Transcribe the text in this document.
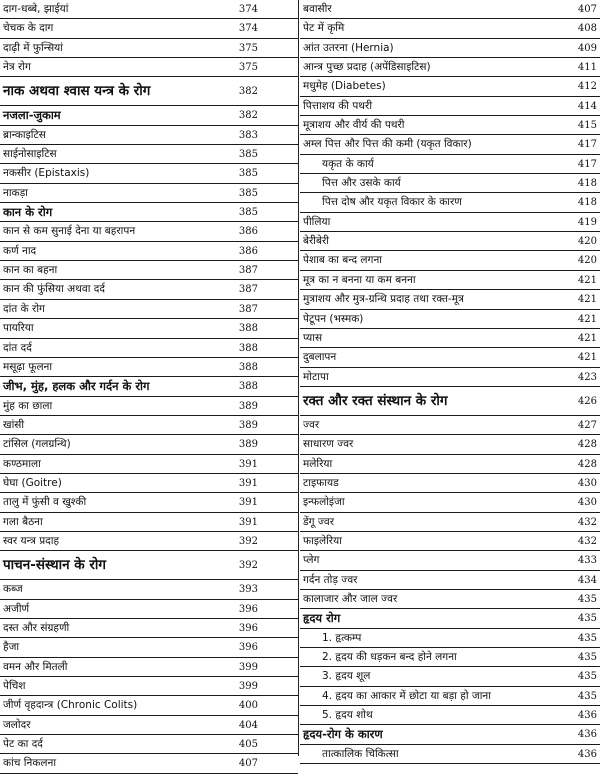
दाग-धब्बे, झाईयां	374
चेचक के दाग	374
दाढ़ी में फुन्सियां	375
नेत्र रोग	375
नाक अथवा श्वास यन्त्र के रोग	382
नजला-जुकाम	382
ब्रान्काइटिस	383
साईनोसाइटिस	385
नकसीर (Epistaxis)	385
नाकड़ा	385
कान के रोग	385
कान से कम सुनाई देना या बहरापन	386
कर्ण नाद	386
कान का बहना	387
कान की फुंसिया अथवा दर्द	387
दांत के रोग	387
पायरिया	388
दांत दर्द	388
मसूढ़ा फूलना	388
जीभ, मुंह, हलक और गर्दन के रोग	388
मुंह का छाला	389
खांसी	389
टांसिल (गलग्रन्थि)	389
कण्ठमाला	391
घेघा (Goitre)	391
तालु में फुंसी व खुश्की	391
गला बैठना	391
स्वर यन्त्र प्रदाह	392
पाचन-संस्थान के रोग	392
कब्ज	393
अजीर्ण	396
दस्त और संग्रहणी	396
हैजा	396
वमन और मितली	399
पेचिश	399
जीर्ण वृहदान्त्र (Chronic Colits)	400
जलोदर	404
पेट का दर्द	405
कांच निकलना	407
बवासीर	407
पेट में कृमि	408
आंत उतरना (Hernia)	409
आन्त्र पुच्छ प्रदाह (अपेंडिसाइटिस)	411
मधुमेह (Diabetes)	412
पित्ताशय की पथरी	414
मूत्राशय और वीर्य की पथरी	415
अम्ल पित्त और पित्त की कमी (यकृत विकार)	417
यकृत के कार्य	417
पित्त और उसके कार्य	418
पित्त दोष और यकृत विकार के कारण	418
पीलिया	419
बेरीबेरी	420
पेशाब का बन्द लगना	420
मूत्र का न बनना या कम बनना	421
मुत्राशय और मुत्र-ग्रन्थि प्रदाह तथा रक्त-मूत्र	421
पेटूपन (भस्मक)	421
प्यास	421
दुबलापन	421
मोटापा	423
रक्त और रक्त संस्थान के रोग	426
ज्वर	427
साधारण ज्वर	428
मलेरिया	428
टाइफायड	430
इन्फलोइंजा	430
डेंगू ज्वर	432
फाइलेरिया	432
प्लेग	433
गर्दन तोड़ ज्वर	434
कालाजार और जाल ज्वर	435
हृदय रोग	435
1. हृत्कम्प	435
2. हृदय की धड़कन बन्द होने लगना	435
3. हृदय शूल	435
4. हृदय का आकार में छोटा या बड़ा हो जाना	435
5. हृदय शोथ	436
हृदय-रोग के कारण	436
तात्कालिक चिकित्सा	436
